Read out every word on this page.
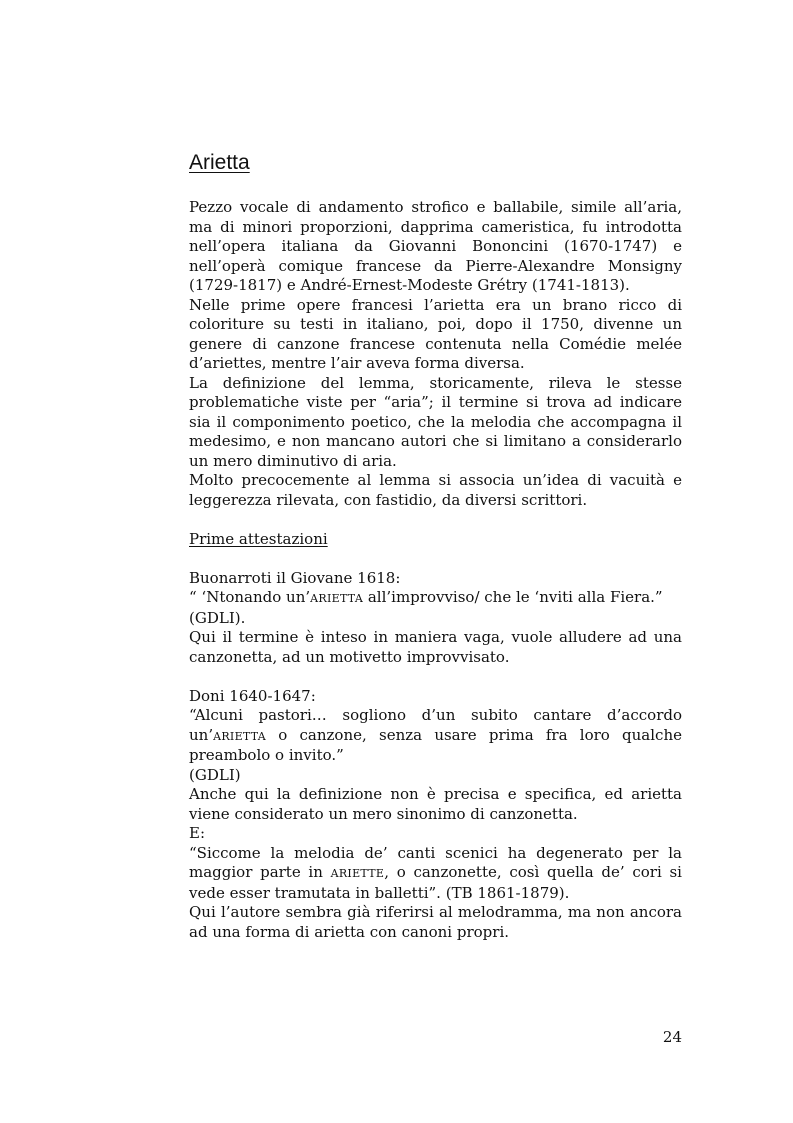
Arietta

Pezzo vocale di andamento strofico e ballabile, simile all’aria, ma di minori proporzioni, dapprima cameristica, fu introdotta nell’opera italiana da Giovanni Bononcini (1670-1747) e nell’operà comique francese da Pierre-Alexandre Monsigny (1729-1817) e André-Ernest-Modeste Grétry (1741-1813).

Nelle prime opere francesi l’arietta era un brano ricco di coloriture su testi in italiano, poi, dopo il 1750, divenne un genere di canzone francese contenuta nella Comédie melée d’ariettes, mentre l’air aveva forma diversa.

La definizione del lemma, storicamente, rileva le stesse problematiche viste per “aria”; il termine si trova ad indicare sia il componimento poetico, che la melodia che accompagna il medesimo, e non mancano autori che si limitano a considerarlo un mero diminutivo di aria.

Molto precocemente al lemma si associa un’idea di vacuità e leggerezza rilevata, con fastidio, da diversi scrittori.

Prime attestazioni

Buonarroti il Giovane 1618:

“ ‘Ntonando un’ARIETTA all’improvviso/ che le ‘nviti alla Fiera.”

(GDLI).

Qui il termine è inteso in maniera vaga, vuole alludere ad una canzonetta, ad un motivetto improvvisato.

Doni 1640-1647:

“Alcuni pastori… sogliono d’un subito cantare d’accordo un’ARIETTA o canzone, senza usare prima fra loro qualche preambolo o invito.”

(GDLI)

Anche qui la definizione non è precisa e specifica, ed arietta viene considerato un mero sinonimo di canzonetta.

E:

“Siccome la melodia de’ canti scenici ha degenerato per la maggior parte in ARIETTE, o canzonette, così quella de’ cori si vede esser tramutata in balletti”. (TB 1861-1879).

Qui l’autore sembra già riferirsi al melodramma, ma non ancora ad una forma di arietta con canoni propri.

24
